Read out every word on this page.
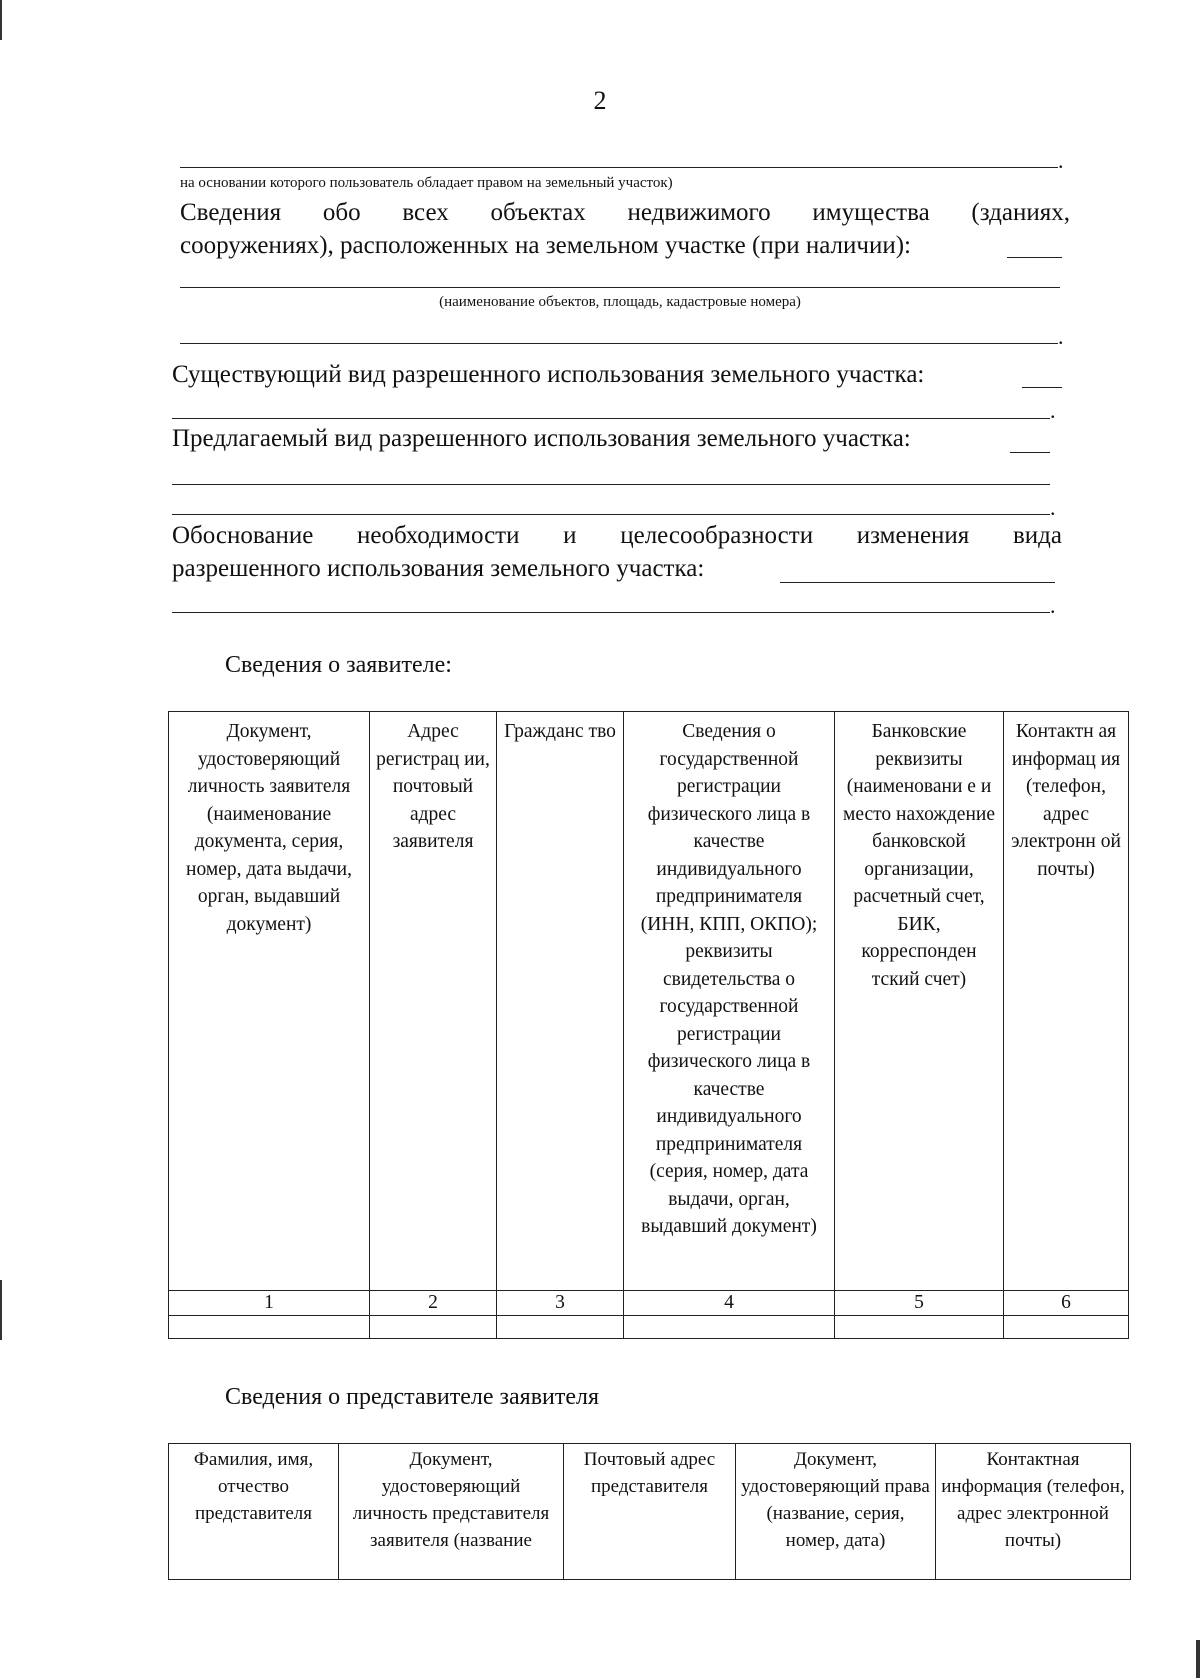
2
.
на основании которого пользователь обладает правом на земельный участок)
Сведения обо всех объектах недвижимого имущества (зданиях,
сооружениях), расположенных на земельном участке (при наличии):
(наименование объектов, площадь, кадастровые номера)
.
Существующий вид разрешенного использования земельного участка:
.
Предлагаемый вид разрешенного использования земельного участка:
.
Обоснование необходимости и целесообразности изменения вида
разрешенного использования земельного участка:
.
Сведения о заявителе:
Документ, удостоверяющий личность заявителя (наименование документа, серия, номер, дата выдачи, орган, выдавший документ)	Адрес регистрац ии, почтовый адрес заявителя	Гражданс тво	Сведения о государственной регистрации физического лица в качестве индивидуального предпринимателя (ИНН, КПП, ОКПО); реквизиты свидетельства о государственной регистрации физического лица в качестве индивидуального предпринимателя (серия, номер, дата выдачи, орган, выдавший документ)	Банковские реквизиты (наименовани е и место нахождение банковской организации, расчетный счет, БИК, корреспонден тский счет)	Контактн ая информац ия (телефон, адрес электронн ой почты)
1	2	3	4	5	6

Сведения о представителе заявителя
Фамилия, имя, отчество представителя	Документ, удостоверяющий личность представителя заявителя (название	Почтовый адрес представителя	Документ, удостоверяющий права (название, серия, номер, дата)	Контактная информация (телефон, адрес электронной почты)
